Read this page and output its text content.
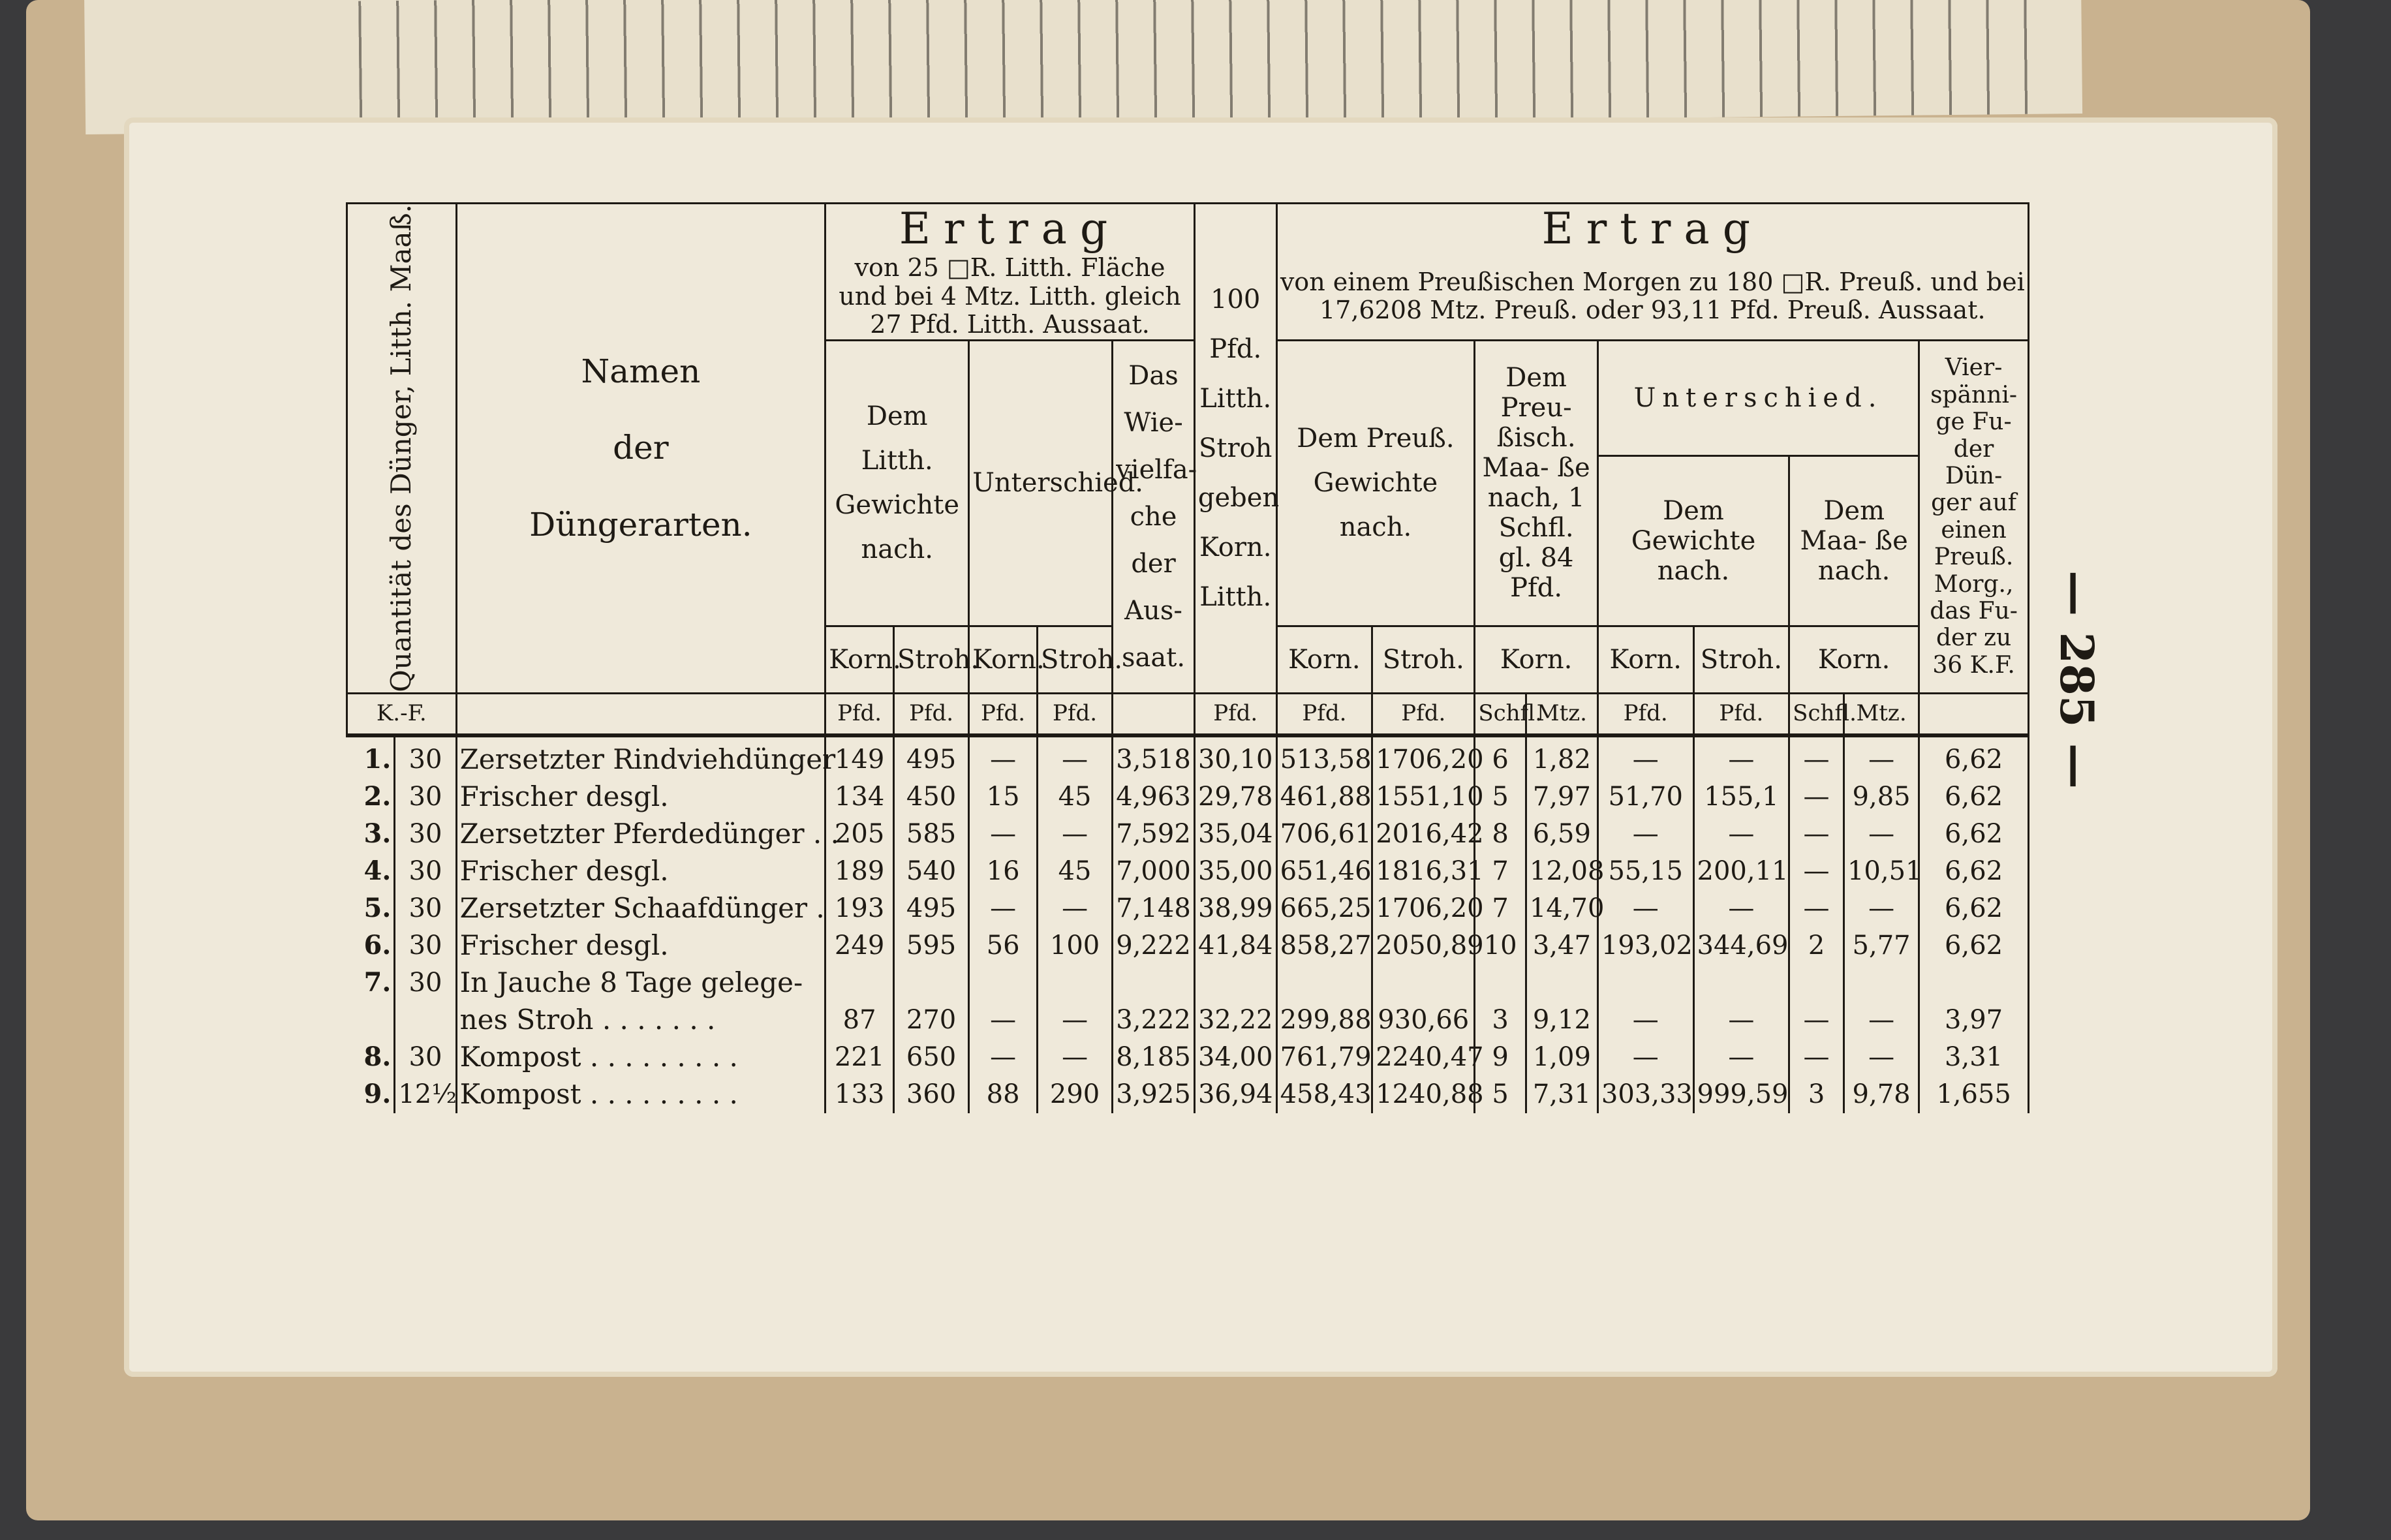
— 285 —
Quantität des Dünger, Litth. Maaß.		Namen
der
Düngerarten.	Ertrag					100 Pfd. Litth. Stroh geben Korn. Litth.	Ertrag								
			von 25 □R. Litth. Fläche und bei 4 Mtz. Litth. gleich 27 Pfd. Litth. Aussaat.						von einem Preußischen Morgen zu 180 □R. Preuß. und bei 17,6208 Mtz. Preuß. oder 93,11 Pfd. Preuß. Aussaat.								
			Dem Litth. Gewichte nach.		Unterschied.		Das Wie- vielfa- che der Aus- saat.		Dem Preuß. Gewichte nach.		Dem Preu- ßisch. Maa- ße nach, 1 Schfl. gl. 84 Pfd.		Unterschied.				Vier- spänni- ge Fu- der Dün- ger auf einen Preuß. Morg., das Fu- der zu 36 K.F.
													Dem Gewichte nach.		Dem Maa- ße nach.		
			Korn.	Stroh.	Korn.	Stroh.			Korn.	Stroh.	Korn.		Korn.	Stroh.	Korn.		
K.-F.			Pfd.	Pfd.	Pfd.	Pfd.		Pfd.	Pfd.	Pfd.	Schfl.	Mtz.	Pfd.	Pfd.	Schfl.	Mtz.	
1.	30	Zersetzter Rindviehdünger	149	495	—	—	3,518	30,10	513,58	1706,20	6	1,82	—	—	—	—	6,62
2.	30	Frischer desgl.	134	450	15	45	4,963	29,78	461,88	1551,10	5	7,97	51,70	155,1	—	9,85	6,62
3.	30	Zersetzter Pferdedünger . .	205	585	—	—	7,592	35,04	706,61	2016,42	8	6,59	—	—	—	—	6,62
4.	30	Frischer desgl.	189	540	16	45	7,000	35,00	651,46	1816,31	7	12,08	55,15	200,11	—	10,51	6,62
5.	30	Zersetzter Schaafdünger .	193	495	—	—	7,148	38,99	665,25	1706,20	7	14,70	—	—	—	—	6,62
6.	30	Frischer desgl.	249	595	56	100	9,222	41,84	858,27	2050,89	10	3,47	193,02	344,69	2	5,77	6,62
7.	30	In Jauche 8 Tage gelege-															
		nes Stroh . . . . . . .	87	270	—	—	3,222	32,22	299,88	930,66	3	9,12	—	—	—	—	3,97
8.	30	Kompost . . . . . . . . .	221	650	—	—	8,185	34,00	761,79	2240,47	9	1,09	—	—	—	—	3,31
9.	12½	Kompost . . . . . . . . .	133	360	88	290	3,925	36,94	458,43	1240,88	5	7,31	303,33	999,59	3	9,78	1,655
